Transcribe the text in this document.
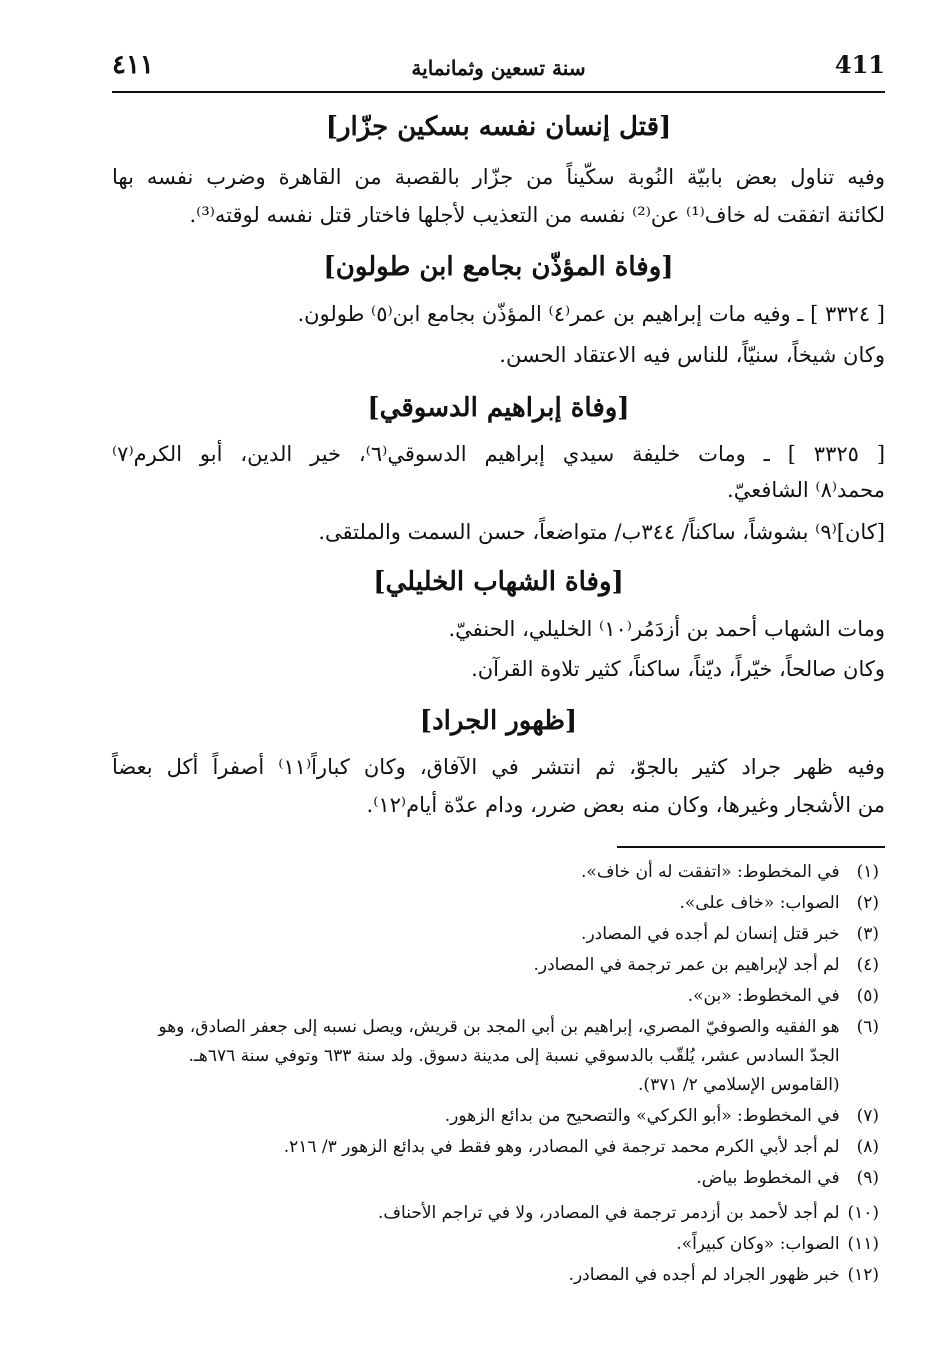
٤١١	سنة تسعين وثمانماية	411
[قتل إنسان نفسه بسكين جزّار]
وفيه تناول بعض بابيّة النُوبة سكّيناً من جزّار بالقصبة من القاهرة وضرب نفسه بها
لكائنة اتفقت له خاف⁽¹⁾ عن⁽²⁾ نفسه من التعذيب لأجلها فاختار قتل نفسه لوقته⁽³⁾.
[وفاة المؤذّن بجامع ابن طولون]
[ ٣٣٢٤ ] ـ وفيه مات إبراهيم بن عمر⁽٤⁾ المؤذّن بجامع ابن⁽٥⁾ طولون.
وكان شيخاً، سنيّاً، للناس فيه الاعتقاد الحسن.
[وفاة إبراهيم الدسوقي]
[ ٣٣٢٥ ] ـ ومات خليفة سيدي إبراهيم الدسوقي⁽٦⁾، خير الدين، أبو الكرم⁽٧⁾
محمد⁽٨⁾ الشافعيّ.
[كان]⁽٩⁾ بشوشاً، ساكناً/ ٣٤٤ب/ متواضعاً، حسن السمت والملتقى.
[وفاة الشهاب الخليلي]
ومات الشهاب أحمد بن أزدَمُر⁽١٠⁾ الخليلي، الحنفيّ.
وكان صالحاً، خيّراً، ديّناً، ساكناً، كثير تلاوة القرآن.
[ظهور الجراد]
وفيه ظهر جراد كثير بالجوّ، ثم انتشر في الآفاق، وكان كباراً⁽١١⁾ أصفراً أكل بعضاً
من الأشجار وغيرها، وكان منه بعض ضرر، ودام عدّة أيام⁽١٢⁾.
(١) في المخطوط: «اتفقت له أن خاف».
(٢) الصواب: «خاف على».
(٣) خبر قتل إنسان لم أجده في المصادر.
(٤) لم أجد لإبراهيم بن عمر ترجمة في المصادر.
(٥) في المخطوط: «بن».
(٦) هو الفقيه والصوفيّ المصري، إبراهيم بن أبي المجد بن قريش، ويصل نسبه إلى جعفر الصادق، وهو
الجدّ السادس عشر، يُلقّب بالدسوقي نسبة إلى مدينة دسوق. ولد سنة ٦٣٣ وتوفي سنة ٦٧٦هـ.
(القاموس الإسلامي ٢/ ٣٧١).
(٧) في المخطوط: «أبو الكركي» والتصحيح من بدائع الزهور.
(٨) لم أجد لأبي الكرم محمد ترجمة في المصادر، وهو فقط في بدائع الزهور ٣/ ٢١٦.
(٩) في المخطوط بياض.
(١٠) لم أجد لأحمد بن أزدمر ترجمة في المصادر، ولا في تراجم الأحناف.
(١١) الصواب: «وكان كبيراً».
(١٢) خبر ظهور الجراد لم أجده في المصادر.
